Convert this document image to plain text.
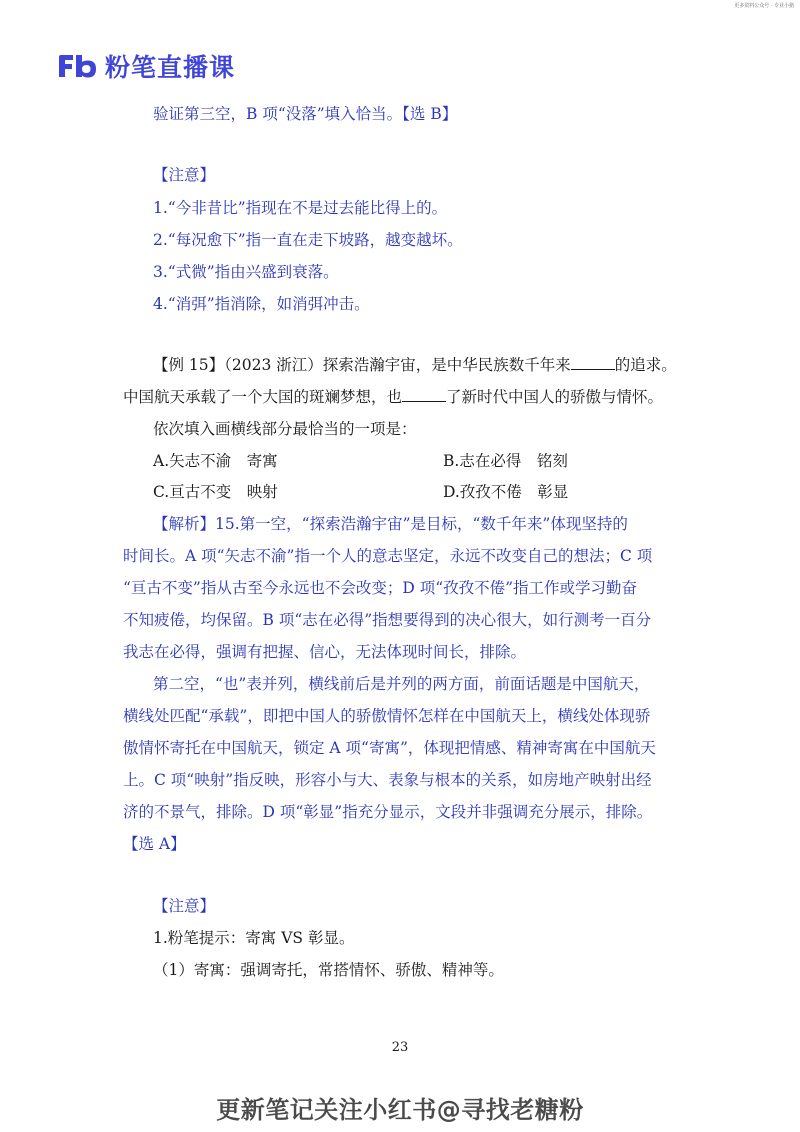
更多资料公众号 · 专业小猪
粉笔直播课
验证第三空，B 项“没落”填入恰当。【选 B】
【注意】
1.“今非昔比”指现在不是过去能比得上的。
2.“每况愈下”指一直在走下坡路，越变越坏。
3.“式微”指由兴盛到衰落。
4.“消弭”指消除，如消弭冲击。
【例 15】（2023 浙江）探索浩瀚宇宙，是中华民族数千年来	的追求。
中国航天承载了一个大国的斑斓梦想，也	了新时代中国人的骄傲与情怀。
依次填入画横线部分最恰当的一项是：
A.矢志不渝　寄寓	B.志在必得　铭刻
C.亘古不变　映射	D.孜孜不倦　彰显
【解析】15.第一空，“探索浩瀚宇宙”是目标，“数千年来”体现坚持的
时间长。A 项“矢志不渝”指一个人的意志坚定，永远不改变自己的想法；C 项
“亘古不变”指从古至今永远也不会改变；D 项“孜孜不倦”指工作或学习勤奋
不知疲倦，均保留。B 项“志在必得”指想要得到的决心很大，如行测考一百分
我志在必得，强调有把握、信心，无法体现时间长，排除。
第二空，“也”表并列，横线前后是并列的两方面，前面话题是中国航天，
横线处匹配“承载”，即把中国人的骄傲情怀怎样在中国航天上，横线处体现骄
傲情怀寄托在中国航天，锁定 A 项“寄寓”，体现把情感、精神寄寓在中国航天
上。C 项“映射”指反映，形容小与大、表象与根本的关系，如房地产映射出经
济的不景气，排除。D 项“彰显”指充分显示，文段并非强调充分展示，排除。
【选 A】
【注意】
1.粉笔提示：寄寓 VS 彰显。
（1）寄寓：强调寄托，常搭情怀、骄傲、精神等。
23
更新笔记关注小红书@寻找老糖粉
